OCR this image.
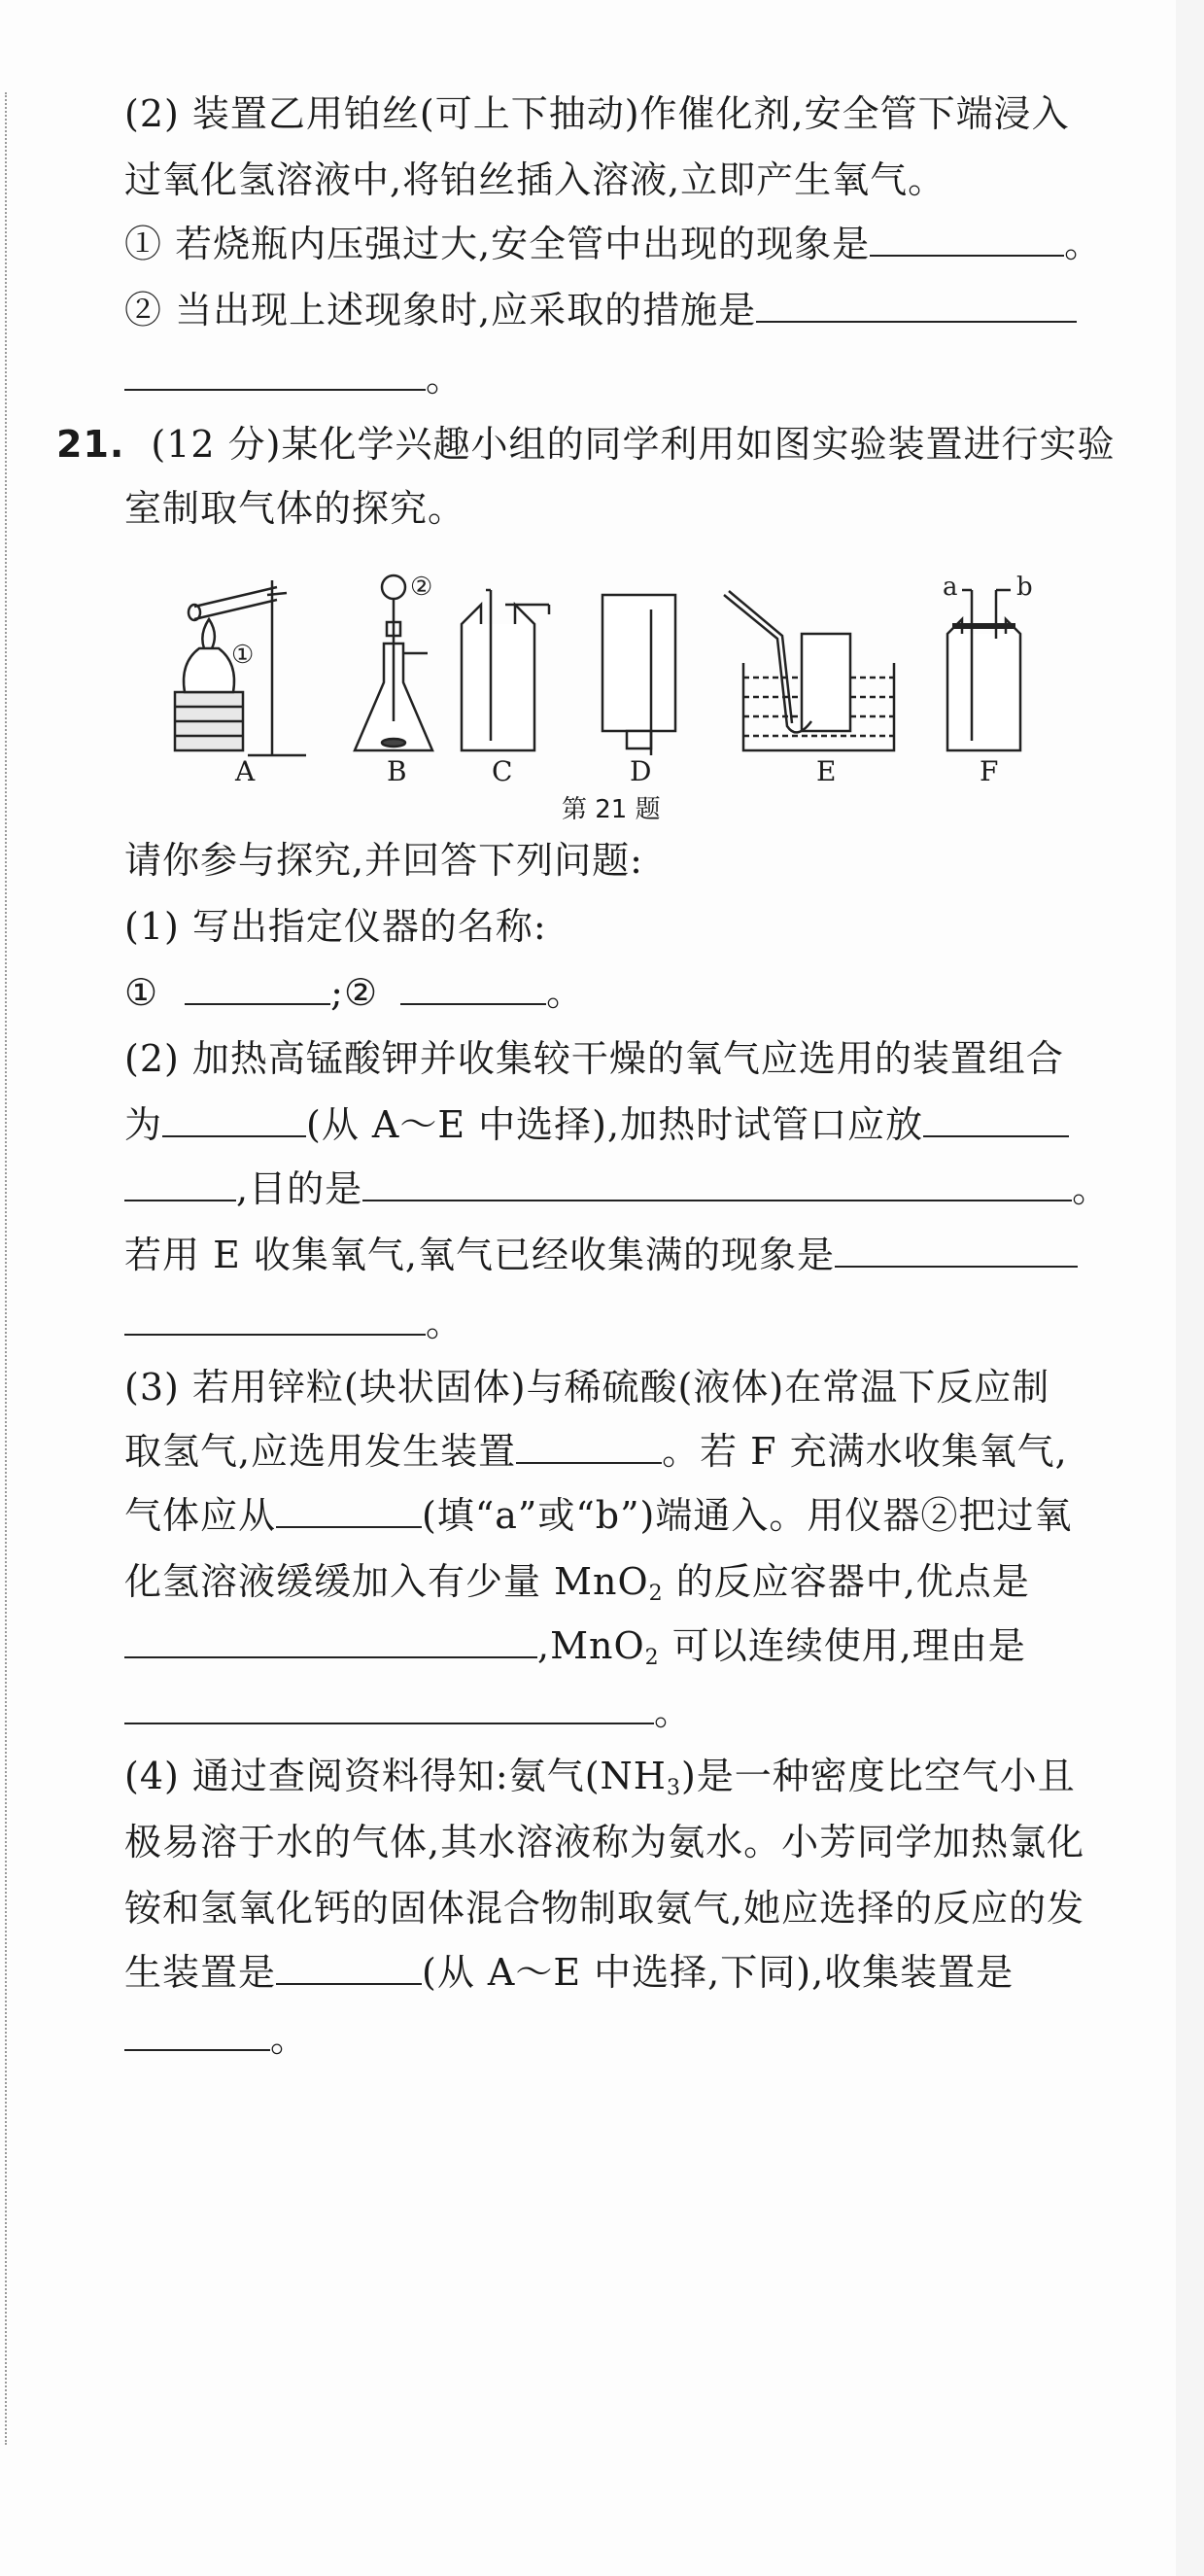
(2) 装置乙用铂丝(可上下抽动)作催化剂,安全管下端浸入
过氧化氢溶液中,将铂丝插入溶液,立即产生氧气。
① 若烧瓶内压强过大,安全管中出现的现象是	。
② 当出现上述现象时,应采取的措施是
。
21. (12 分)某化学兴趣小组的同学利用如图实验装置进行实验
室制取气体的探究。
①
②	a b
A	B	C	D	E	F
第 21 题
请你参与探究,并回答下列问题:
(1) 写出指定仪器的名称:
①	;②	。
(2) 加热高锰酸钾并收集较干燥的氧气应选用的装置组合
为	(从 A～E 中选择),加热时试管口应放
,目的是	。
若用 E 收集氧气,氧气已经收集满的现象是
。
(3) 若用锌粒(块状固体)与稀硫酸(液体)在常温下反应制
取氢气,应选用发生装置	。若 F 充满水收集氧气,
气体应从	(填“a”或“b”)端通入。用仪器②把过氧
化氢溶液缓缓加入有少量 MnO$_2$ 的反应容器中,优点是
,MnO$_2$ 可以连续使用,理由是
。
(4) 通过查阅资料得知:氨气$(NH_3)$是一种密度比空气小且
极易溶于水的气体,其水溶液称为氨水。小芳同学加热氯化
铵和氢氧化钙的固体混合物制取氨气,她应选择的反应的发
生装置是	(从 A～E 中选择,下同),收集装置是
。
